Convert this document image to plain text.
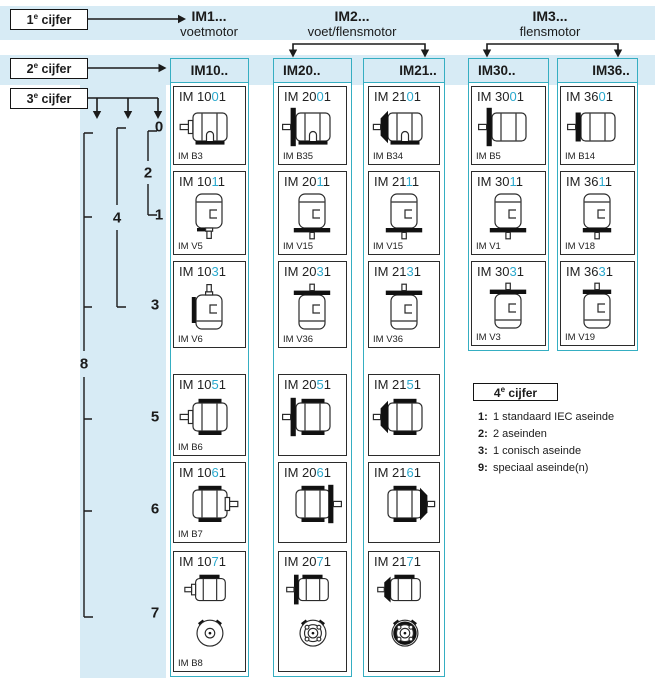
1e cijfer
2e cijfer
3e cijfer
IM1...
voetmotor
IM2...
voet/flensmotor
IM3...
flensmotor
4e cijfer
1: 1 standaard IEC aseinde
2: 2 aseinden
3: 1 conisch aseinde
9: speciaal aseinde(n)
IM10..
IM 1001
IM B3
IM 1011
IM V5
IM 1031
IM V6
IM 1051
IM B6
IM 1061
IM B7
IM 1071
IM B8
IM20..
IM 2001
IM B35
IM 2011
IM V15
IM 2031
IM V36
IM 2051
IM 2061
IM 2071
IM21..
IM 2101
IM B34
IM 2111
IM V15
IM 2131
IM V36
IM 2151
IM 2161
IM 2171
IM30..
IM 3001
IM B5
IM 3011
IM V1
IM 3031
IM V3
IM36..
IM 3601
IM B14
IM 3611
IM V18
IM 3631
IM V19
0
2
1
4
3
8
5
6
7
